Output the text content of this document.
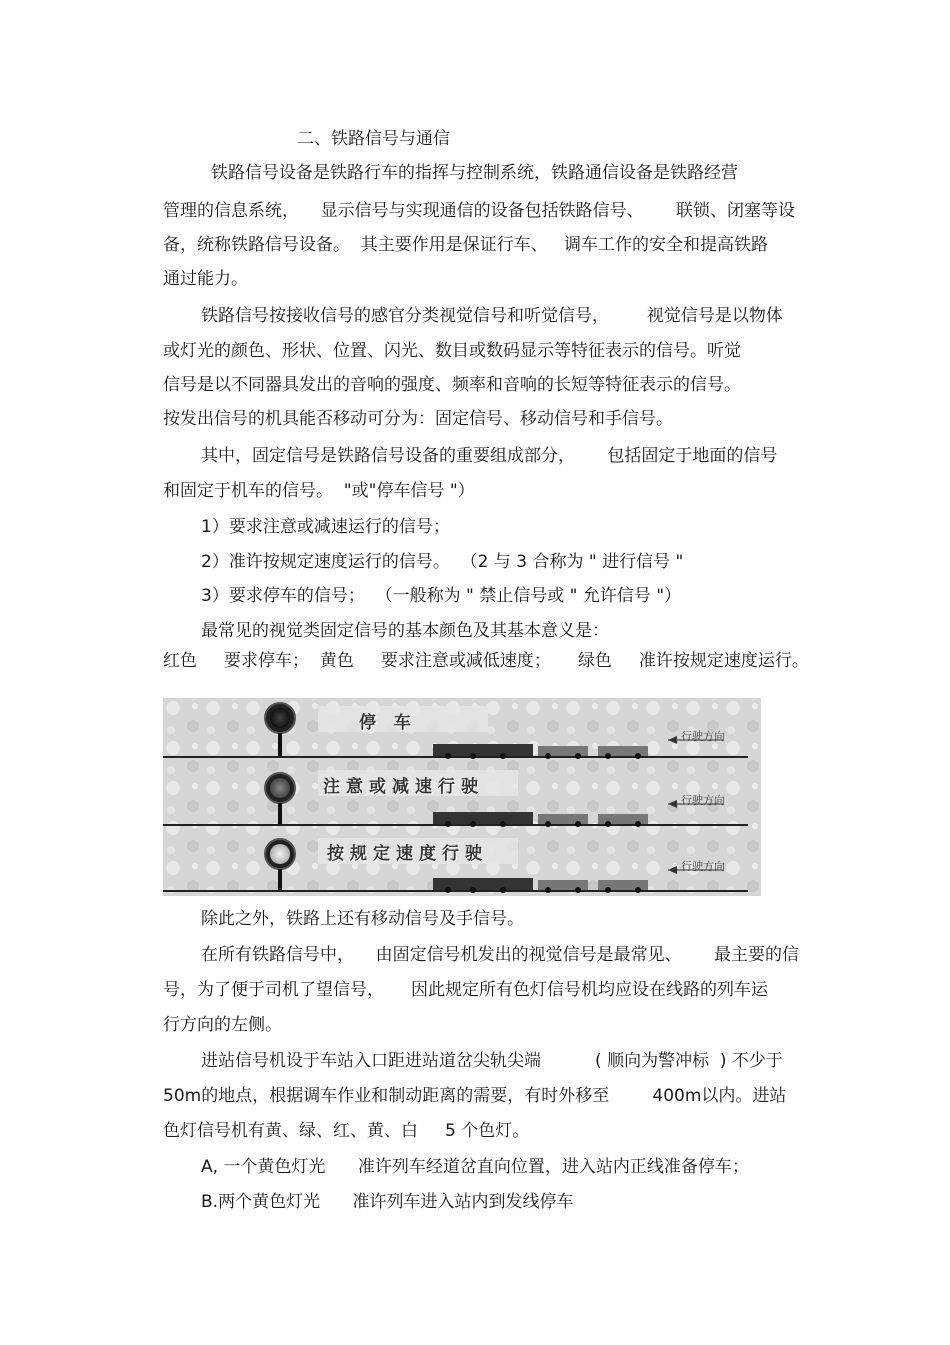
二、铁路信号与通信
铁路信号设备是铁路行车的指挥与控制系统，铁路通信设备是铁路经营
管理的信息系统，    显示信号与实现通信的设备包括铁路信号、      联锁、闭塞等设
备，统称铁路信号设备。  其主要作用是保证行车、   调车工作的安全和提高铁路
通过能力。
铁路信号按接收信号的感官分类视觉信号和听觉信号，       视觉信号是以物体
或灯光的颜色、形状、位置、闪光、数目或数码显示等特征表示的信号。听觉
信号是以不同器具发出的音响的强度、频率和音响的长短等特征表示的信号。
按发出信号的机具能否移动可分为：固定信号、移动信号和手信号。
其中，固定信号是铁路信号设备的重要组成部分，      包括固定于地面的信号
和固定于机车的信号。  "或"停车信号 "）
1）要求注意或减速运行的信号；
2）准许按规定速度运行的信号。  （2 与 3 合称为 " 进行信号 "
3）要求停车的信号；  （一般称为 " 禁止信号或 " 允许信号 "）
最常见的视觉类固定信号的基本颜色及其基本意义是：
红色     要求停车；  黄色     要求注意或减低速度；     绿色     准许按规定速度运行。
停 车
行驶方向
注意或减速行驶
行驶方向
按规定速度行驶
行驶方向
除此之外，铁路上还有移动信号及手信号。
在所有铁路信号中，    由固定信号机发出的视觉信号是最常见、      最主要的信
号，为了便于司机了望信号，     因此规定所有色灯信号机均应设在线路的列车运
行方向的左侧。
进站信号机设于车站入口距进站道岔尖轨尖端          ( 顺向为警冲标  ) 不少于
50m的地点，根据调车作业和制动距离的需要，有时外移至        400m以内。进站
色灯信号机有黄、绿、红、黄、白     5 个色灯。
A, 一个黄色灯光      准许列车经道岔直向位置，进入站内正线准备停车；
B.两个黄色灯光      准许列车进入站内到发线停车
